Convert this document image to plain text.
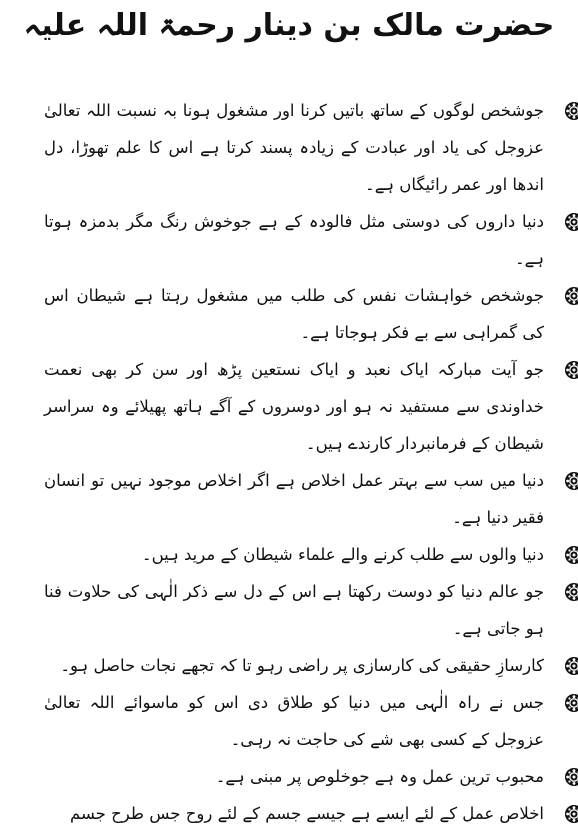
حضرت مالک بن دینار رحمۃ اللہ علیہ

جوشخص لوگوں کے ساتھ باتیں کرنا اور مشغول ہونا بہ نسبت اللہ تعالیٰ عزوجل کی یاد اور عبادت کے زیادہ پسند کرتا ہے اس کا علم تھوڑا، دل اندھا اور عمر رائیگاں ہے۔

دنیا داروں کی دوستی مثل فالودہ کے ہے جوخوش رنگ مگر بدمزہ ہوتا ہے۔

جوشخص خواہشات نفس کی طلب میں مشغول رہتا ہے شیطان اس کی گمراہی سے بے فکر ہوجاتا ہے۔

جو آیت مبارکہ ایاک نعبد و ایاک نستعین پڑھ اور سن کر بھی نعمت خداوندی سے مستفید نہ ہو اور دوسروں کے آگے ہاتھ پھیلائے وہ سراسر شیطان کے فرمانبردار کارندے ہیں۔

دنیا میں سب سے بہتر عمل اخلاص ہے اگر اخلاص موجود نہیں تو انسان فقیر دنیا ہے۔

دنیا والوں سے طلب کرنے والے علماء شیطان کے مرید ہیں۔

جو عالم دنیا کو دوست رکھتا ہے اس کے دل سے ذکر الٰہی کی حلاوت فنا ہو جاتی ہے۔

کارسازِ حقیقی کی کارسازی پر راضی رہو تا کہ تجھے نجات حاصل ہو۔

جس نے راہ الٰہی میں دنیا کو طلاق دی اس کو ماسوائے اللہ تعالیٰ عزوجل کے کسی بھی شے کی حاجت نہ رہی۔

محبوب ترین عمل وہ ہے جوخلوص پر مبنی ہے۔

اخلاص عمل کے لئے ایسے ہے جیسے جسم کے لئے روح جس طرح جسم
